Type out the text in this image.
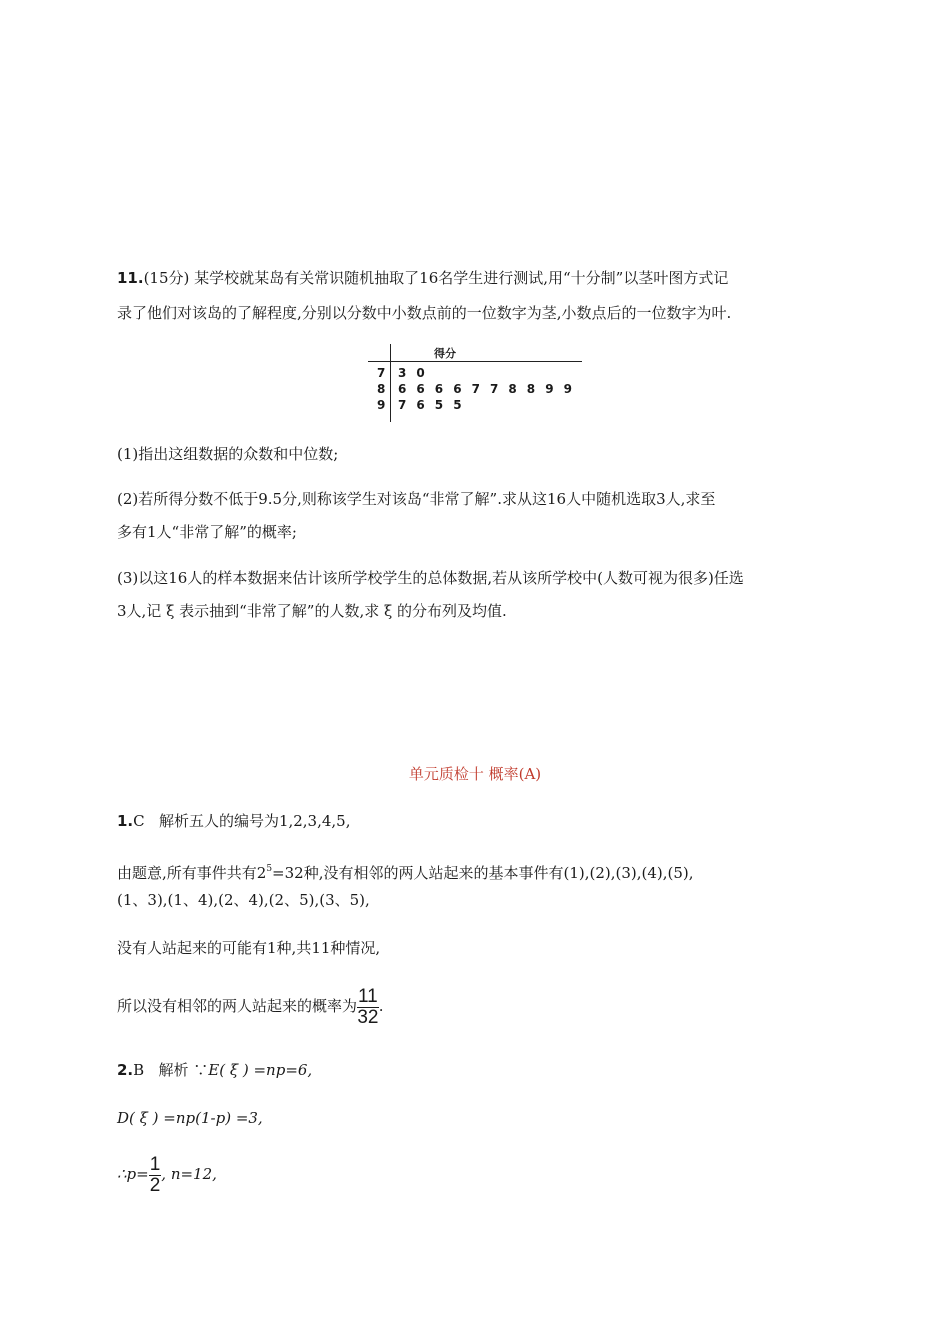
11.(15分) 某学校就某岛有关常识随机抽取了16名学生进行测试,用“十分制”以茎叶图方式记
录了他们对该岛的了解程度,分别以分数中小数点前的一位数字为茎,小数点后的一位数字为叶.
得分
7 3 0
8 6 6 6 6 7 7 8 8 9 9
9 7 6 5 5
(1)指出这组数据的众数和中位数;
(2)若所得分数不低于9.5分,则称该学生对该岛“非常了解”.求从这16人中随机选取3人,求至
多有1人“非常了解”的概率;
(3)以这16人的样本数据来估计该所学校学生的总体数据,若从该所学校中(人数可视为很多)任选
3人,记 ξ 表示抽到“非常了解”的人数,求 ξ 的分布列及均值.
单元质检十 概率(A)
1.C 解析五人的编号为1,2,3,4,5,
由题意,所有事件共有$2^5=32$种,没有相邻的两人站起来的基本事件有(1),(2),(3),(4),(5),
(1、3),(1、4),(2、4),(2、5),(3、5),
没有人站起来的可能有1种,共11种情况,
所以没有相邻的两人站起来的概率为 $\frac{11}{32}$ .
2.B 解析 ∵E( ξ ) =np=6,
D( ξ ) =np(1-p) =3,
∴p= $\frac{1}{2}$ , n=12,
